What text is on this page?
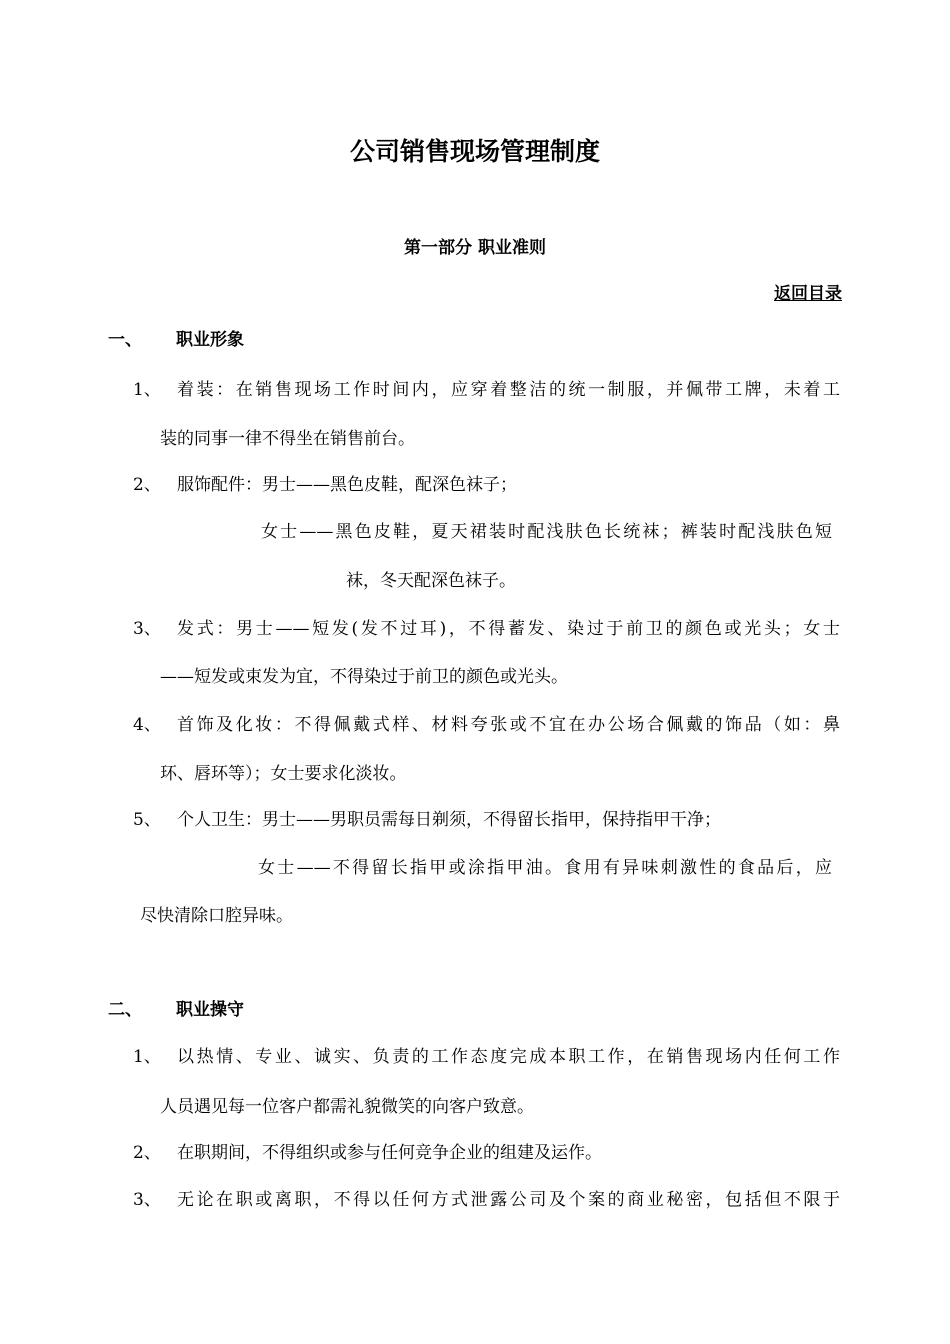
公司销售现场管理制度
第一部分 职业准则
返回目录
一、 职业形象
1、 着装：在销售现场工作时间内，应穿着整洁的统一制服，并佩带工牌，未着工
装的同事一律不得坐在销售前台。
2、 服饰配件：男士——黑色皮鞋，配深色袜子；
女士——黑色皮鞋，夏天裙装时配浅肤色长统袜；裤装时配浅肤色短
袜，冬天配深色袜子。
3、 发式：男士——短发(发不过耳)，不得蓄发、染过于前卫的颜色或光头；女士
——短发或束发为宜，不得染过于前卫的颜色或光头。
4、 首饰及化妆：不得佩戴式样、材料夸张或不宜在办公场合佩戴的饰品（如：鼻
环、唇环等）；女士要求化淡妆。
5、 个人卫生：男士——男职员需每日剃须，不得留长指甲，保持指甲干净；
女士——不得留长指甲或涂指甲油。食用有异味刺激性的食品后，应
尽快清除口腔异味。
二、 职业操守
1、 以热情、专业、诚实、负责的工作态度完成本职工作，在销售现场内任何工作
人员遇见每一位客户都需礼貌微笑的向客户致意。
2、 在职期间，不得组织或参与任何竞争企业的组建及运作。
3、 无论在职或离职，不得以任何方式泄露公司及个案的商业秘密，包括但不限于
